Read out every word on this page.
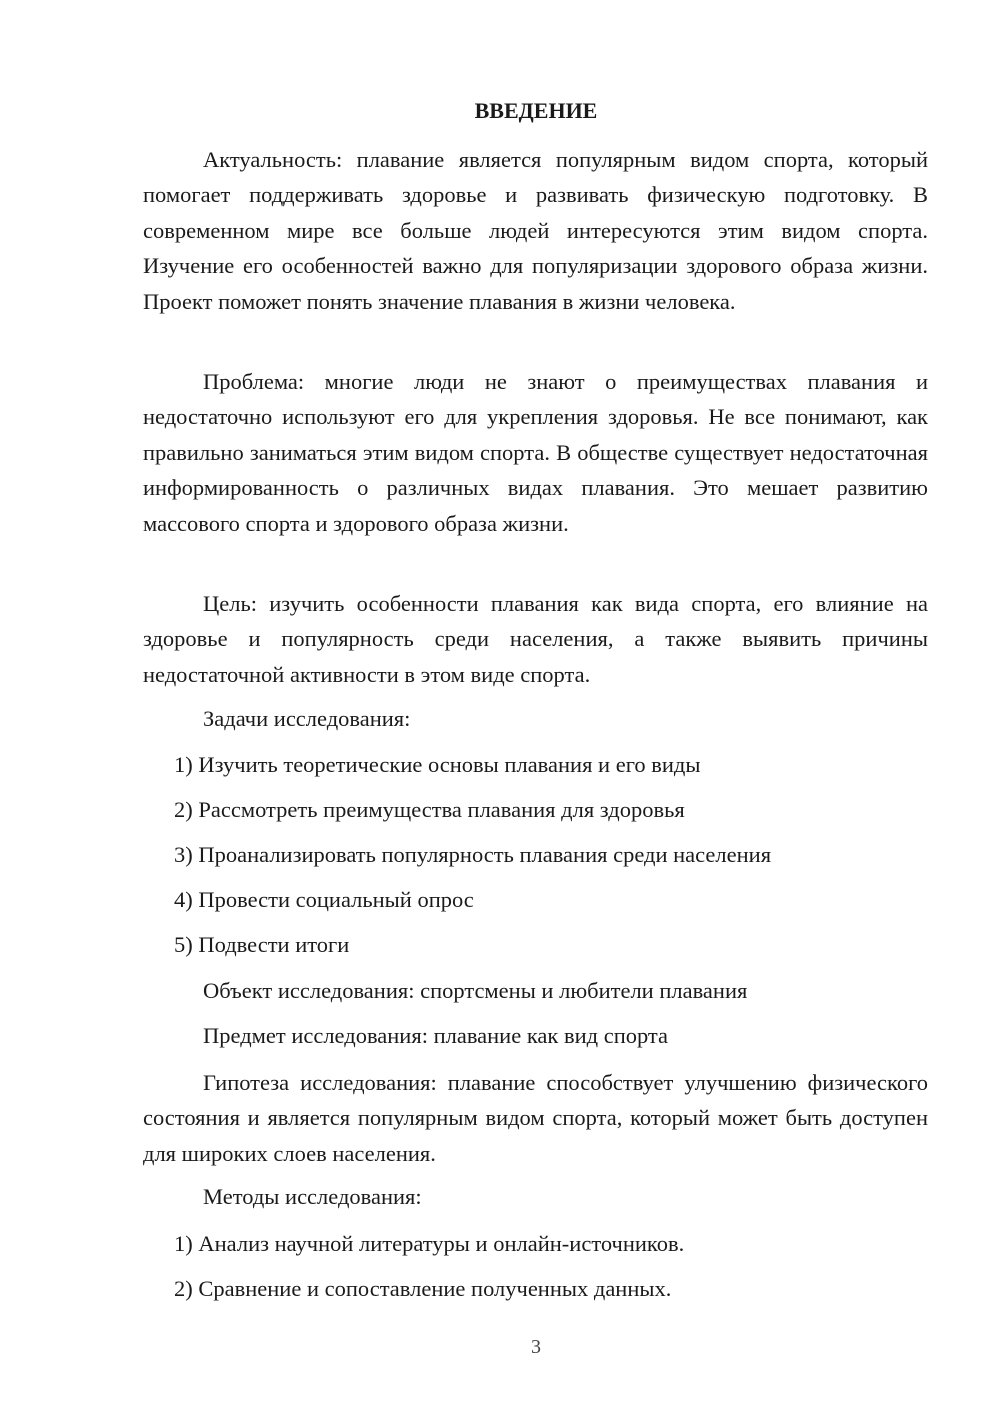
ВВЕДЕНИЕ

Актуальность: плавание является популярным видом спорта, который помогает поддерживать здоровье и развивать физическую подготовку. В современном мире все больше людей интересуются этим видом спорта. Изучение его особенностей важно для популяризации здорового образа жизни. Проект поможет понять значение плавания в жизни человека.

Проблема: многие люди не знают о преимуществах плавания и недостаточно используют его для укрепления здоровья. Не все понимают, как правильно заниматься этим видом спорта. В обществе существует недостаточная информированность о различных видах плавания. Это мешает развитию массового спорта и здорового образа жизни.

Цель: изучить особенности плавания как вида спорта, его влияние на здоровье и популярность среди населения, а также выявить причины недостаточной активности в этом виде спорта.

Задачи исследования:

1) Изучить теоретические основы плавания и его виды

2) Рассмотреть преимущества плавания для здоровья

3) Проанализировать популярность плавания среди населения

4) Провести социальный опрос

5) Подвести итоги

Объект исследования: спортсмены и любители плавания

Предмет исследования: плавание как вид спорта

Гипотеза исследования: плавание способствует улучшению физического состояния и является популярным видом спорта, который может быть доступен для широких слоев населения.

Методы исследования:

1) Анализ научной литературы и онлайн-источников.

2) Сравнение и сопоставление полученных данных.

3
